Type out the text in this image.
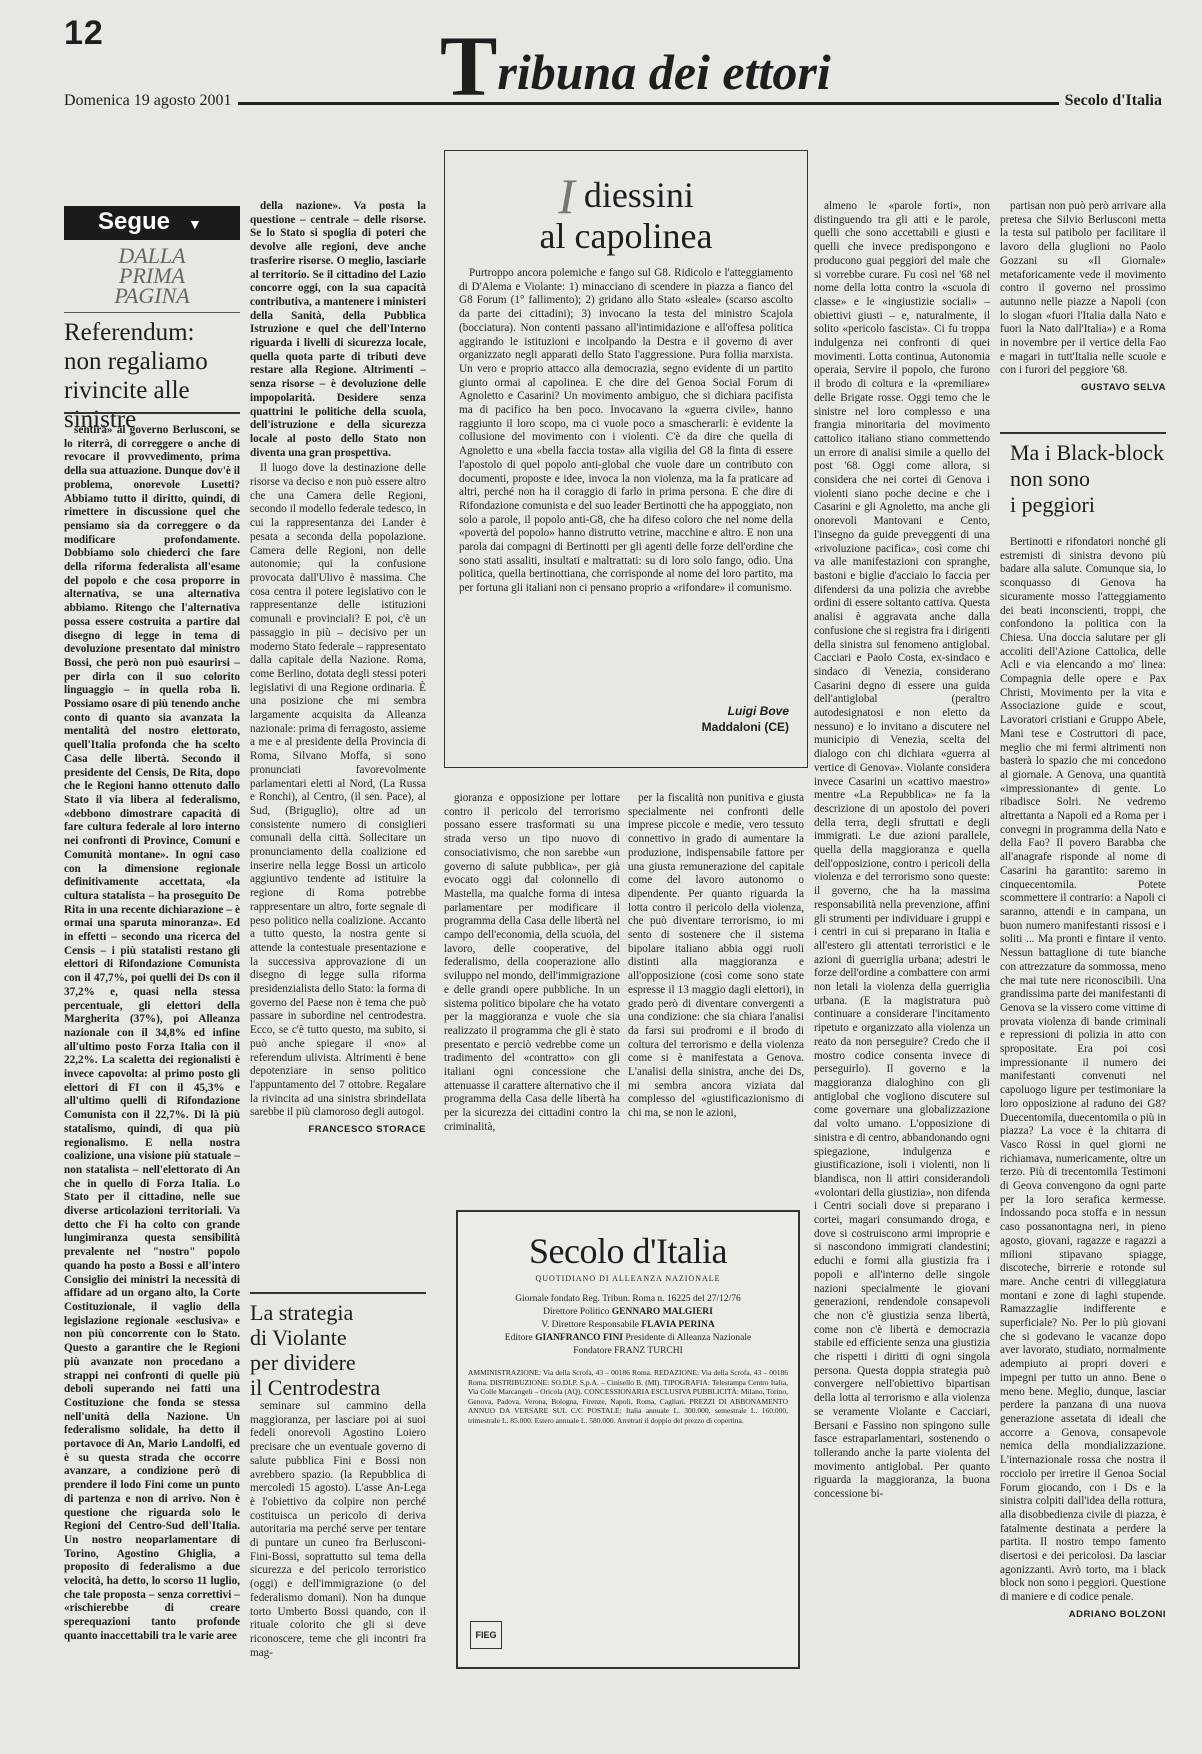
12	Tribuna dei ettori
Domenica 19 agosto 2001	Secolo d'Italia
Segue ▼
DALLA
PRIMA
PAGINA
Referendum:
non regaliamo
rivincite alle sinistre

sentirà» al governo Berlusconi, se lo riterrà, di correggere o anche di revocare il provvedimento, prima della sua attuazione. Dunque dov'è il problema, onorevole Lusetti? Abbiamo tutto il diritto, quindi, di rimettere in discussione quel che pensiamo sia da correggere o da modificare profondamente. Dobbiamo solo chiederci che fare della riforma federalista all'esame del popolo e che cosa proporre in alternativa, se una alternativa abbiamo. Ritengo che l'alternativa possa essere costruita a partire dal disegno di legge in tema di devoluzione presentato dal ministro Bossi, che però non può esaurirsi – per dirla con il suo colorito linguaggio – in quella roba lì. Possiamo osare di più tenendo anche conto di quanto sia avanzata la mentalità del nostro elettorato, quell'Italia profonda che ha scelto Casa delle libertà. Secondo il presidente del Censis, De Rita, dopo che le Regioni hanno ottenuto dallo Stato il via libera al federalismo, «debbono dimostrare capacità di fare cultura federale al loro interno nei confronti di Province, Comuni e Comunità montane». In ogni caso con la dimensione regionale definitivamente accettata, «la cultura statalista – ha proseguito De Rita in una recente dichiarazione – è ormai una sparuta minoranza». Ed in effetti – secondo una ricerca del Censis – i più statalisti restano gli elettori di Rifondazione Comunista con il 47,7%, poi quelli dei Ds con il 37,2% e, quasi nella stessa percentuale, gli elettori della Margherita (37%), poi Alleanza nazionale con il 34,8% ed infine all'ultimo posto Forza Italia con il 22,2%. La scaletta dei regionalisti è invece capovolta: al primo posto gli elettori di FI con il 45,3% e all'ultimo quelli di Rifondazione Comunista con il 22,7%. Di là più statalismo, quindi, di qua più regionalismo. E nella nostra coalizione, una visione più statuale – non statalista – nell'elettorato di An che in quello di Forza Italia. Lo Stato per il cittadino, nelle sue diverse articolazioni territoriali. Va detto che Fi ha colto con grande lungimiranza questa sensibilità prevalente nel "nostro" popolo quando ha posto a Bossi e all'intero Consiglio dei ministri la necessità di affidare ad un organo alto, la Corte Costituzionale, il vaglio della legislazione regionale «esclusiva» e non più concorrente con lo Stato. Questo a garantire che le Regioni più avanzate non procedano a strappi nei confronti di quelle più deboli superando nei fatti una Costituzione che fonda se stessa nell'unità della Nazione. Un federalismo solidale, ha detto il portavoce di An, Mario Landolfi, ed è su questa strada che occorre avanzare, a condizione però di prendere il lodo Fini come un punto di partenza e non di arrivo. Non è questione che riguarda solo le Regioni del Centro-Sud dell'Italia. Un nostro neoparlamentare di Torino, Agostino Ghiglia, a proposito di federalismo a due velocità, ha detto, lo scorso 11 luglio, che tale proposta – senza correttivi – «rischierebbe di creare sperequazioni tanto profonde quanto inaccettabili tra le varie aree

della nazione». Va posta la questione – centrale – delle risorse. Se lo Stato si spoglia di poteri che devolve alle regioni, deve anche trasferire risorse. O meglio, lasciarle al territorio. Se il cittadino del Lazio concorre oggi, con la sua capacità contributiva, a mantenere i ministeri della Sanità, della Pubblica Istruzione e quel che dell'Interno riguarda i livelli di sicurezza locale, quella quota parte di tributi deve restare alla Regione. Altrimenti – senza risorse – è devoluzione delle impopolarità. Desidere senza quattrini le politiche della scuola, dell'istruzione e della sicurezza locale al posto dello Stato non diventa una gran prospettiva.

Il luogo dove la destinazione delle risorse va deciso e non può essere altro che una Camera delle Regioni, secondo il modello federale tedesco, in cui la rappresentanza dei Lander è pesata a seconda della popolazione. Camera delle Regioni, non delle autonomie; qui la confusione provocata dall'Ulivo è massima. Che cosa centra il potere legislativo con le rappresentanze delle istituzioni comunali e provinciali? E poi, c'è un passaggio in più – decisivo per un moderno Stato federale – rappresentato dalla capitale della Nazione. Roma, come Berlino, dotata degli stessi poteri legislativi di una Regione ordinaria. È una posizione che mi sembra largamente acquisita da Alleanza nazionale: prima di ferragosto, assieme a me e al presidente della Provincia di Roma, Silvano Moffa, si sono pronunciati favorevolmente parlamentari eletti al Nord, (La Russa e Ronchi), al Centro, (il sen. Pace), al Sud, (Briguglio), oltre ad un consistente numero di consiglieri comunali della città. Sollecitare un pronunciamento della coalizione ed inserire nella legge Bossi un articolo aggiuntivo tendente ad istituire la regione di Roma potrebbe rappresentare un altro, forte segnale di peso politico nella coalizione. Accanto a tutto questo, la nostra gente si attende la contestuale presentazione e la successiva approvazione di un disegno di legge sulla riforma presidenzialista dello Stato: la forma di governo del Paese non è tema che può passare in subordine nel centrodestra. Ecco, se c'è tutto questo, ma subito, si può anche spiegare il «no» al referendum ulivista. Altrimenti è bene depotenziare in senso politico l'appuntamento del 7 ottobre. Regalare la rivincita ad una sinistra sbrindellata sarebbe il più clamoroso degli autogol.

FRANCESCO STORACE
La strategia
di Violante
per dividere
il Centrodestra
I diessini
al capolinea

Purtroppo ancora polemiche e fango sul G8. Ridicolo e l'atteggiamento di D'Alema e Violante: 1) minacciano di scendere in piazza a fianco del G8 Forum (1° fallimento); 2) gridano allo Stato «sleale» (scarso ascolto da parte dei cittadini); 3) invocano la testa del ministro Scajola (bocciatura). Non contenti passano all'intimidazione e all'offesa politica aggirando le istituzioni e incolpando la Destra e il governo di aver organizzato negli apparati dello Stato l'aggressione. Pura follia marxista. Un vero e proprio attacco alla democrazia, segno evidente di un partito giunto ormai al capolinea. E che dire del Genoa Social Forum di Agnoletto e Casarini? Un movimento ambiguo, che si dichiara pacifista ma di pacifico ha ben poco. Invocavano la «guerra civile», hanno raggiunto il loro scopo, ma ci vuole poco a smascherarli: è evidente la collusione del movimento con i violenti. C'è da dire che quella di Agnoletto e una «bella faccia tosta» alla vigilia del G8 la finta di essere l'apostolo di quel popolo anti-global che vuole dare un contributo con documenti, proposte e idee, invoca la non violenza, ma la fa praticare ad altri, perché non ha il coraggio di farlo in prima persona. E che dire di Rifondazione comunista e del suo leader Bertinotti che ha appoggiato, non solo a parole, il popolo anti-G8, che ha difeso coloro che nel nome della «povertà del popolo» hanno distrutto vetrine, macchine e altro. E non una parola dai compagni di Bertinotti per gli agenti delle forze dell'ordine che sono stati assaliti, insultati e maltrattati: su di loro solo fango, odio. Una politica, quella bertinottiana, che corrisponde al nome del loro partito, ma per fortuna gli italiani non ci pensano proprio a «rifondare» il comunismo.

Luigi Bove
Maddaloni (CE)

seminare sul cammino della maggioranza, per lasciare poi ai suoi fedeli onorevoli Agostino Loiero precisare che un eventuale governo di salute pubblica Fini e Bossi non avrebbero spazio. (la Repubblica di mercoledì 15 agosto). L'asse An-Lega è l'obiettivo da colpire non perché costituisca un pericolo di deriva autoritaria ma perché serve per tentare di puntare un cuneo fra Berlusconi-Fini-Bossi, soprattutto sul tema della sicurezza e del pericolo terroristico (oggi) e dell'immigrazione (o del federalismo domani). Non ha dunque torto Umberto Bossi quando, con il rituale colorito che gli si deve riconoscere, teme che gli incontri fra mag-

gioranza e opposizione per lottare contro il pericolo del terrorismo possano essere trasformati su una strada verso un tipo nuovo di consociativismo, che non sarebbe «un governo di salute pubblica», per già evocato oggi dal colonnello di Mastella, ma qualche forma di intesa parlamentare per modificare il programma della Casa delle libertà nel campo dell'economia, della scuola, del lavoro, delle cooperative, del federalismo, della cooperazione allo sviluppo nel mondo, dell'immigrazione e delle grandi opere pubbliche. In un sistema politico bipolare che ha votato per la maggioranza e vuole che sia realizzato il programma che gli è stato presentato e perciò vedrebbe come un tradimento del «contratto» con gli italiani ogni concessione che attenuasse il carattere alternativo che il programma della Casa delle libertà ha per la sicurezza dei cittadini contro la criminalità,

per la fiscalità non punitiva e giusta specialmente nei confronti delle imprese piccole e medie, vero tessuto connettivo in grado di aumentare la produzione, indispensabile fattore per una giusta remunerazione del capitale come del lavoro autonomo o dipendente. Per quanto riguarda la lotta contro il pericolo della violenza, che può diventare terrorismo, io mi sento di sostenere che il sistema bipolare italiano abbia oggi ruoli distinti alla maggioranza e all'opposizione (così come sono state espresse il 13 maggio dagli elettori), in grado però di diventare convergenti a una condizione: che sia chiara l'analisi da farsi sui prodromi e il brodo di coltura del terrorismo e della violenza come si è manifestata a Genova. L'analisi della sinistra, anche dei Ds, mi sembra ancora viziata dal complesso del «giustificazionismo di chi ma, se non le azioni,

almeno le «parole forti», non distinguendo tra gli atti e le parole, quelli che sono accettabili e giusti e quelli che invece predispongono e producono guai peggiori del male che si vorrebbe curare. Fu così nel '68 nel nome della lotta contro la «scuola di classe» e le «ingiustizie sociali» – obiettivi giusti – e, naturalmente, il solito «pericolo fascista». Ci fu troppa indulgenza nei confronti di quei movimenti. Lotta continua, Autonomia operaia, Servire il popolo, che furono il brodo di coltura e la «premiliare» delle Brigate rosse. Oggi temo che le sinistre nel loro complesso e una frangia minoritaria del movimento cattolico italiano stiano commettendo un errore di analisi simile a quello del post '68. Oggi come allora, si considera che nei cortei di Genova i violenti siano poche decine e che i Casarini e gli Agnoletto, ma anche gli onorevoli Mantovani e Cento, l'insegno da guide preveggenti di una «rivoluzione pacifica», così come chi va alle manifestazioni con spranghe, bastoni e biglie d'acciaio lo faccia per difendersi da una polizia che avrebbe ordini di essere soltanto cattiva. Questa analisi è aggravata anche dalla confusione che si registra fra i dirigenti della sinistra sul fenomeno antiglobal. Cacciari e Paolo Costa, ex-sindaco e sindaco di Venezia, considerano Casarini degno di essere una guida dell'antiglobal (peraltro autodesignatosi e non eletto da nessuno) e lo invitano a discutere nel municipio di Venezia, scelta del dialogo con chi dichiara «guerra al vertice di Genova». Violante considera invece Casarini un «cattivo maestro» mentre «La Repubblica» ne fa la descrizione di un apostolo dei poveri della terra, degli sfruttati e degli immigrati. Le due azioni parallele, quella della maggioranza e quella dell'opposizione, contro i pericoli della violenza e del terrorismo sono queste: il governo, che ha la massima responsabilità nella prevenzione, affini gli strumenti per individuare i gruppi e i centri in cui si preparano in Italia e all'estero gli attentati terroristici e le azioni di guerriglia urbana; adestri le forze dell'ordine a combattere con armi non letali la violenza della guerriglia urbana. (E la magistratura può continuare a considerare l'incitamento ripetuto e organizzato alla violenza un reato da non perseguire? Credo che il mostro codice consenta invece di perseguirlo). Il governo e la maggioranza dialoghino con gli antiglobal che vogliono discutere sul come governare una globalizzazione dal volto umano. L'opposizione di sinistra e di centro, abbandonando ogni spiegazione, indulgenza e giustificazione, isoli i violenti, non li blandisca, non li attiri considerandoli «volontari della giustizia», non difenda i Centri sociali dove si preparano i cortei, magari consumando droga, e dove si costruiscono armi improprie e si nascondono immigrati clandestini; educhi e formi alla giustizia fra i popoli e all'interno delle singole nazioni specialmente le giovani generazioni, rendendole consapevoli che non c'è giustizia senza libertà, come non c'è libertà e democrazia stabile ed efficiente senza una giustizia che rispetti i diritti di ogni singola persona. Questa doppia strategia può convergere nell'obiettivo bipartisan della lotta al terrorismo e alla violenza se veramente Violante e Cacciari, Bersani e Fassino non spingono sulle fasce estraparlamentari, sostenendo o tollerando anche la parte violenta del movimento antiglobal. Per quanto riguarda la maggioranza, la buona concessione bi-

Secolo d'Italia
QUOTIDIANO DI ALLEANZA NAZIONALE
Giornale fondato Reg. Tribun. Roma n. 16225 del 27/12/76
Direttore Politico GENNARO MALGIERI
V. Direttore Responsabile FLAVIA PERINA
Editore GIANFRANCO FINI Presidente di Alleanza Nazionale
Fondatore FRANZ TURCHI
AMMINISTRAZIONE: Via della Scrofa, 43 – 00186 Roma. REDAZIONE: Via della Scrofa, 43 – 00186 Roma. DISTRIBUZIONE: SO.DI.P. S.p.A. – Cinisello B. (MI). TIPOGRAFIA: Telestampa Centro Italia, Via Colle Marcangeli – Oricola (AQ). CONCESSIONARIA ESCLUSIVA PUBBLICITÀ: Milano, Torino, Genova, Padova, Verona, Bologna, Firenze, Napoli, Roma, Cagliari. PREZZI DI ABBONAMENTO ANNUO DA VERSARE SUL C/C POSTALE: Italia annuale L. 300.000, semestrale L. 160.000, trimestrale L. 85.000. Estero annuale L. 580.000. Arretrati il doppio del prezzo di copertina.
FIEG

partisan non può però arrivare alla pretesa che Silvio Berlusconi metta la testa sul patibolo per facilitare il lavoro della gluglioni no Paolo Gozzani su «Il Giornale» metaforicamente vede il movimento contro il governo nel prossimo autunno nelle piazze a Napoli (con lo slogan «fuori l'Italia dalla Nato e fuori la Nato dall'Italia») e a Roma in novembre per il vertice della Fao e magari in tutt'Italia nelle scuole e con i furori del peggiore '68.

GUSTAVO SELVA
Ma i Black-block
non sono
i peggiori

Bertinotti e rifondatori nonché gli estremisti di sinistra devono più badare alla salute. Comunque sia, lo sconquasso di Genova ha sicuramente mosso l'atteggiamento dei beati inconscienti, troppi, che confondono la politica con la Chiesa. Una doccia salutare per gli accoliti dell'Azione Cattolica, delle Acli e via elencando a mo' linea: Compagnia delle opere e Pax Christi, Movimento per la vita e Associazione guide e scout, Lavoratori cristiani e Gruppo Abele, Mani tese e Costruttori di pace, meglio che mi fermi altrimenti non basterà lo spazio che mi concedono al giornale. A Genova, una quantità «impressionante» di gente. Lo ribadisce Solri. Ne vedremo altrettanta a Napoli ed a Roma per i convegni in programma della Nato e della Fao? Il povero Barabba che all'anagrafe risponde al nome di Casarini ha garantito: saremo in cinquecentomila. Potete scommettere il contrario: a Napoli ci saranno, attendi e in campana, un buon numero manifestanti rissosi e i soliti ... Ma pronti e fintare il vento. Nessun battaglione di tute bianche con attrezzature da sommossa, meno che mai tute nere riconoscibili. Una grandissima parte dei manifestanti di Genova se la vissero come vittime di provata violenza di bande criminali e repressioni di polizia in atto con spropositate. Era poi così impressionante il numero dei manifestanti convenuti nel capoluogo ligure per testimoniare la loro opposizione al raduno dei G8? Duecentomila, duecentomila o più in piazza? La voce è la chitarra di Vasco Rossi in quel giorni ne richiamava, numericamente, oltre un terzo. Più di trecentomila Testimoni di Geova convengono da ogni parte per la loro serafica kermesse. Indossando poca stoffa e in nessun caso possanontagna neri, in pieno agosto, giovani, ragazze e ragazzi a milioni stipavano spiagge, discoteche, birrerie e rotonde sul mare. Anche centri di villeggiatura montani e zone di laghi stupende. Ramazzaglie indifferente e superficiale? No. Per lo più giovani che si godevano le vacanze dopo aver lavorato, studiato, normalmente adempiuto ai propri doveri e impegni per tutto un anno. Bene o meno bene. Meglio, dunque, lasciar perdere la panzana di una nuova generazione assetata di ideali che accorre a Genova, consapevole nemica della mondializzazione. L'internazionale rossa che nostra il rocciolo per irretire il Genoa Social Forum giocando, con i Ds e la sinistra colpiti dall'idea della rottura, alla disobbedienza civile di piazza, è fatalmente destinata a perdere la partita. Il nostro tempo famento disertosi e dei pericolosi. Da lasciar agonizzanti. Avrò torto, ma i black block non sono i peggiori. Questione di maniere e di codice penale.

ADRIANO BOLZONI
